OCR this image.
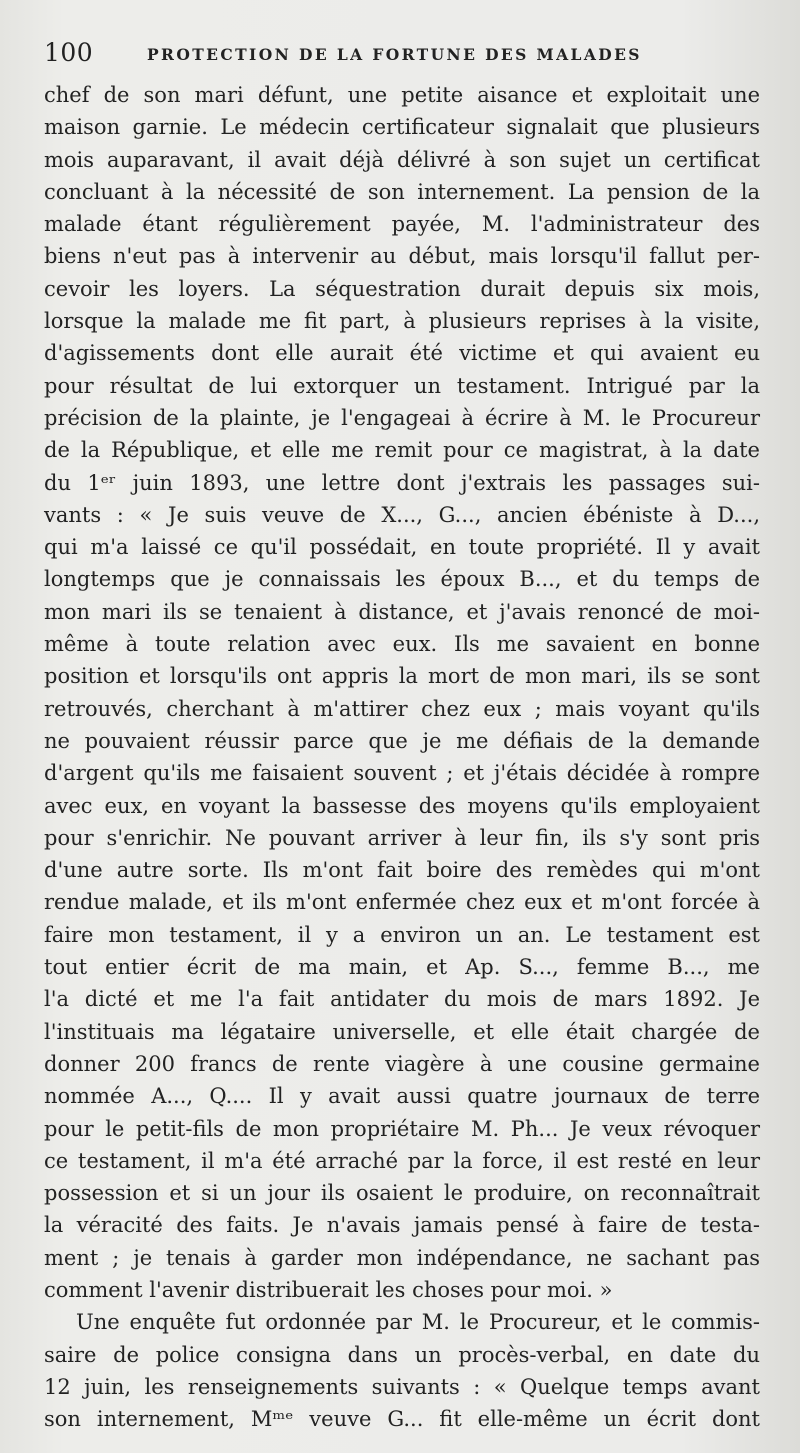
100	PROTECTION DE LA FORTUNE DES MALADES
chef de son mari défunt, une petite aisance et exploitait une
maison garnie. Le médecin certificateur signalait que plusieurs
mois auparavant, il avait déjà délivré à son sujet un certificat
concluant à la nécessité de son internement. La pension de la
malade étant régulièrement payée, M. l'administrateur des
biens n'eut pas à intervenir au début, mais lorsqu'il fallut per-
cevoir les loyers. La séquestration durait depuis six mois,
lorsque la malade me fit part, à plusieurs reprises à la visite,
d'agissements dont elle aurait été victime et qui avaient eu
pour résultat de lui extorquer un testament. Intrigué par la
précision de la plainte, je l'engageai à écrire à M. le Procureur
de la République, et elle me remit pour ce magistrat, à la date
du 1ᵉʳ juin 1893, une lettre dont j'extrais les passages sui-
vants : « Je suis veuve de X..., G..., ancien ébéniste à D...,
qui m'a laissé ce qu'il possédait, en toute propriété. Il y avait
longtemps que je connaissais les époux B..., et du temps de
mon mari ils se tenaient à distance, et j'avais renoncé de moi-
même à toute relation avec eux. Ils me savaient en bonne
position et lorsqu'ils ont appris la mort de mon mari, ils se sont
retrouvés, cherchant à m'attirer chez eux ; mais voyant qu'ils
ne pouvaient réussir parce que je me défiais de la demande
d'argent qu'ils me faisaient souvent ; et j'étais décidée à rompre
avec eux, en voyant la bassesse des moyens qu'ils employaient
pour s'enrichir. Ne pouvant arriver à leur fin, ils s'y sont pris
d'une autre sorte. Ils m'ont fait boire des remèdes qui m'ont
rendue malade, et ils m'ont enfermée chez eux et m'ont forcée à
faire mon testament, il y a environ un an. Le testament est
tout entier écrit de ma main, et Ap. S..., femme B..., me
l'a dicté et me l'a fait antidater du mois de mars 1892. Je
l'instituais ma légataire universelle, et elle était chargée de
donner 200 francs de rente viagère à une cousine germaine
nommée A..., Q.... Il y avait aussi quatre journaux de terre
pour le petit-fils de mon propriétaire M. Ph... Je veux révoquer
ce testament, il m'a été arraché par la force, il est resté en leur
possession et si un jour ils osaient le produire, on reconnaîtrait
la véracité des faits. Je n'avais jamais pensé à faire de testa-
ment ; je tenais à garder mon indépendance, ne sachant pas
comment l'avenir distribuerait les choses pour moi. »
Une enquête fut ordonnée par M. le Procureur, et le commis-
saire de police consigna dans un procès-verbal, en date du
12 juin, les renseignements suivants : « Quelque temps avant
son internement, Mᵐᵉ veuve G... fit elle-même un écrit dont
